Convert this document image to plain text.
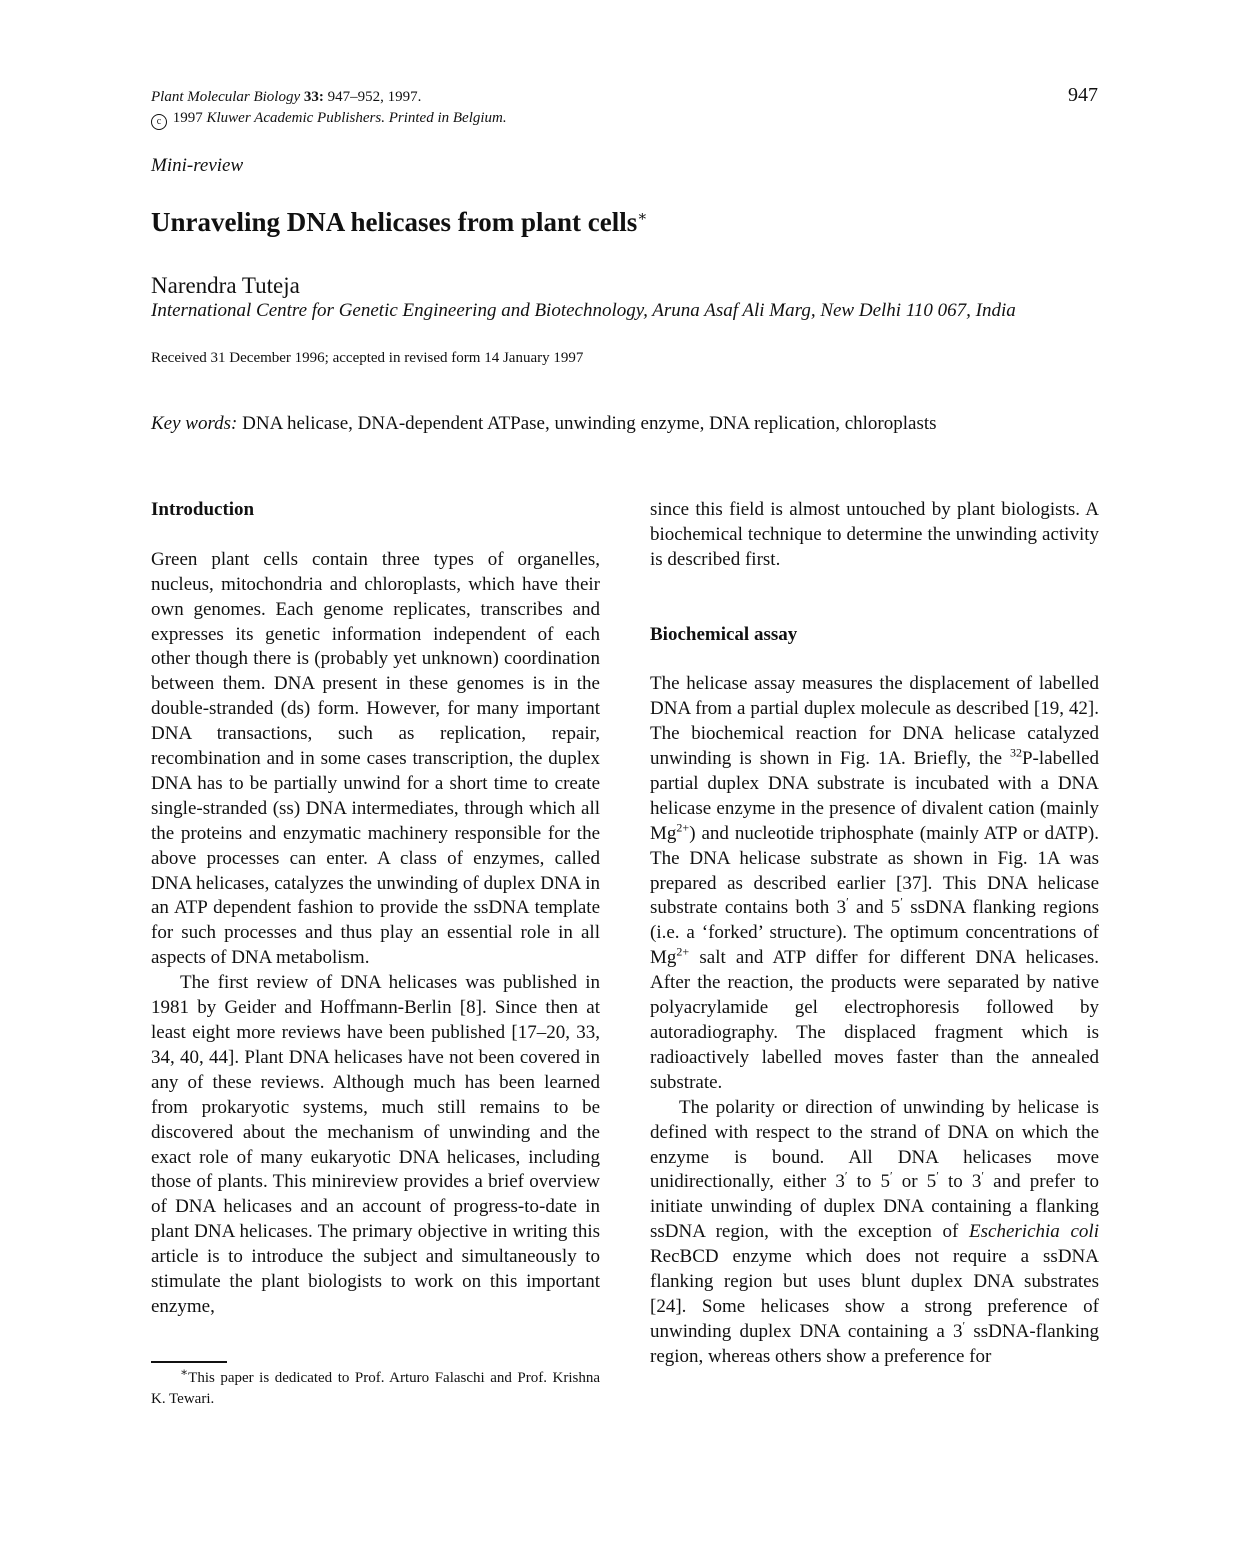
Plant Molecular Biology 33: 947–952, 1997.
c 1997 Kluwer Academic Publishers. Printed in Belgium.
947
Mini-review
Unraveling DNA helicases from plant cells∗
Narendra Tuteja
International Centre for Genetic Engineering and Biotechnology, Aruna Asaf Ali Marg, New Delhi 110 067, India
Received 31 December 1996; accepted in revised form 14 January 1997
Key words: DNA helicase, DNA-dependent ATPase, unwinding enzyme, DNA replication, chloroplasts
Introduction

Green plant cells contain three types of organelles, nucleus, mitochondria and chloroplasts, which have their own genomes. Each genome replicates, transcribes and expresses its genetic information independent of each other though there is (probably yet unknown) coordination between them. DNA present in these genomes is in the double-stranded (ds) form. However, for many important DNA transactions, such as replication, repair, recombination and in some cases transcription, the duplex DNA has to be partially unwind for a short time to create single-stranded (ss) DNA intermediates, through which all the proteins and enzymatic machinery responsible for the above processes can enter. A class of enzymes, called DNA helicases, catalyzes the unwinding of duplex DNA in an ATP dependent fashion to provide the ssDNA template for such processes and thus play an essential role in all aspects of DNA metabolism.

The first review of DNA helicases was published in 1981 by Geider and Hoffmann-Berlin [8]. Since then at least eight more reviews have been published [17–20, 33, 34, 40, 44]. Plant DNA helicases have not been covered in any of these reviews. Although much has been learned from prokaryotic systems, much still remains to be discovered about the mechanism of unwinding and the exact role of many eukaryotic DNA helicases, including those of plants. This minireview provides a brief overview of DNA helicases and an account of progress-to-date in plant DNA helicases. The primary objective in writing this article is to introduce the subject and simultaneously to stimulate the plant biologists to work on this important enzyme,

since this field is almost untouched by plant biologists. A biochemical technique to determine the unwinding activity is described first.

Biochemical assay

The helicase assay measures the displacement of labelled DNA from a partial duplex molecule as described [19, 42]. The biochemical reaction for DNA helicase catalyzed unwinding is shown in Fig. 1A. Briefly, the $^{32}$P-labelled partial duplex DNA substrate is incubated with a DNA helicase enzyme in the presence of divalent cation (mainly $Mg^{2+}$) and nucleotide triphosphate (mainly ATP or dATP). The DNA helicase substrate as shown in Fig. 1A was prepared as described earlier [37]. This DNA helicase substrate contains both 3′ and 5′ ssDNA flanking regions (i.e. a ‘forked’ structure). The optimum concentrations of $Mg^{2+}$ salt and ATP differ for different DNA helicases. After the reaction, the products were separated by native polyacrylamide gel electrophoresis followed by autoradiography. The displaced fragment which is radioactively labelled moves faster than the annealed substrate.

The polarity or direction of unwinding by helicase is defined with respect to the strand of DNA on which the enzyme is bound. All DNA helicases move unidirectionally, either 3′ to 5′ or 5′ to 3′ and prefer to initiate unwinding of duplex DNA containing a flanking ssDNA region, with the exception of Escherichia coli RecBCD enzyme which does not require a ssDNA flanking region but uses blunt duplex DNA substrates [24]. Some helicases show a strong preference of unwinding duplex DNA containing a 3′ ssDNA-flanking region, whereas others show a preference for

∗This paper is dedicated to Prof. Arturo Falaschi and Prof. Krishna K. Tewari.
